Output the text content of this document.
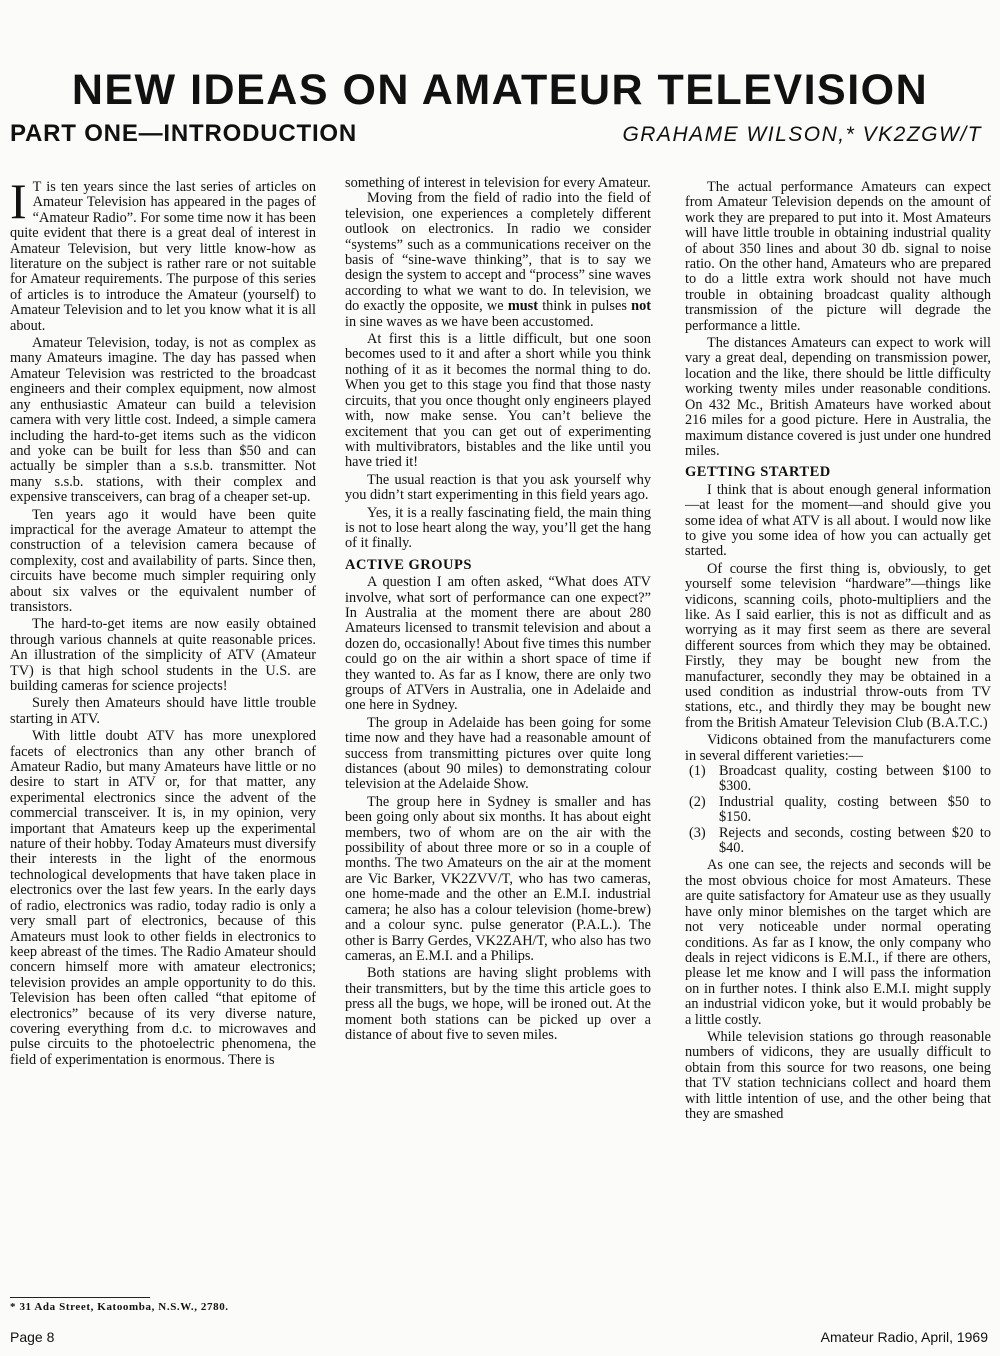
NEW IDEAS ON AMATEUR TELEVISION
PART ONE—INTRODUCTION	GRAHAME WILSON,* VK2ZGW/T

I T is ten years since the last series of articles on Amateur Television has appeared in the pages of “Amateur Radio”. For some time now it has been quite evident that there is a great deal of interest in Amateur Television, but very little know-how as literature on the subject is rather rare or not suitable for Amateur requirements. The purpose of this series of articles is to introduce the Amateur (yourself) to Amateur Television and to let you know what it is all about.

Amateur Television, today, is not as complex as many Amateurs imagine. The day has passed when Amateur Television was restricted to the broadcast engineers and their complex equipment, now almost any enthusiastic Amateur can build a television camera with very little cost. Indeed, a simple camera including the hard-to-get items such as the vidicon and yoke can be built for less than $50 and can actually be simpler than a s.s.b. transmitter. Not many s.s.b. stations, with their complex and expensive transceivers, can brag of a cheaper set-up.

Ten years ago it would have been quite impractical for the average Amateur to attempt the construction of a television camera because of complexity, cost and availability of parts. Since then, circuits have become much simpler requiring only about six valves or the equivalent number of transistors.

The hard-to-get items are now easily obtained through various channels at quite reasonable prices. An illustration of the simplicity of ATV (Amateur TV) is that high school students in the U.S. are building cameras for science projects!

Surely then Amateurs should have little trouble starting in ATV.

With little doubt ATV has more unexplored facets of electronics than any other branch of Amateur Radio, but many Amateurs have little or no desire to start in ATV or, for that matter, any experimental electronics since the advent of the commercial transceiver. It is, in my opinion, very important that Amateurs keep up the experimental nature of their hobby. Today Amateurs must diversify their interests in the light of the enormous technological developments that have taken place in electronics over the last few years. In the early days of radio, electronics was radio, today radio is only a very small part of electronics, because of this Amateurs must look to other fields in electronics to keep abreast of the times. The Radio Amateur should concern himself more with amateur electronics; television provides an ample opportunity to do this. Television has been often called “that epitome of electronics” because of its very diverse nature, covering everything from d.c. to microwaves and pulse circuits to the photoelectric phenomena, the field of experimentation is enormous. There is

something of interest in television for every Amateur.

Moving from the field of radio into the field of television, one experiences a completely different outlook on electronics. In radio we consider “systems” such as a communications receiver on the basis of “sine-wave thinking”, that is to say we design the system to accept and “process” sine waves according to what we want to do. In television, we do exactly the opposite, we must think in pulses not in sine waves as we have been accustomed.

At first this is a little difficult, but one soon becomes used to it and after a short while you think nothing of it as it becomes the normal thing to do. When you get to this stage you find that those nasty circuits, that you once thought only engineers played with, now make sense. You can’t believe the excitement that you can get out of experimenting with multivibrators, bistables and the like until you have tried it!

The usual reaction is that you ask yourself why you didn’t start experimenting in this field years ago.

Yes, it is a really fascinating field, the main thing is not to lose heart along the way, you’ll get the hang of it finally.

ACTIVE GROUPS

A question I am often asked, “What does ATV involve, what sort of performance can one expect?” In Australia at the moment there are about 280 Amateurs licensed to transmit television and about a dozen do, occasionally! About five times this number could go on the air within a short space of time if they wanted to. As far as I know, there are only two groups of ATVers in Australia, one in Adelaide and one here in Sydney.

The group in Adelaide has been going for some time now and they have had a reasonable amount of success from transmitting pictures over quite long distances (about 90 miles) to demonstrating colour television at the Adelaide Show.

The group here in Sydney is smaller and has been going only about six months. It has about eight members, two of whom are on the air with the possibility of about three more or so in a couple of months. The two Amateurs on the air at the moment are Vic Barker, VK2ZVV/T, who has two cameras, one home-made and the other an E.M.I. industrial camera; he also has a colour television (home-brew) and a colour sync. pulse generator (P.A.L.). The other is Barry Gerdes, VK2ZAH/T, who also has two cameras, an E.M.I. and a Philips.

Both stations are having slight problems with their transmitters, but by the time this article goes to press all the bugs, we hope, will be ironed out. At the moment both stations can be picked up over a distance of about five to seven miles.

The actual performance Amateurs can expect from Amateur Television depends on the amount of work they are prepared to put into it. Most Amateurs will have little trouble in obtaining industrial quality of about 350 lines and about 30 db. signal to noise ratio. On the other hand, Amateurs who are prepared to do a little extra work should not have much trouble in obtaining broadcast quality although transmission of the picture will degrade the performance a little.

The distances Amateurs can expect to work will vary a great deal, depending on transmission power, location and the like, there should be little difficulty working twenty miles under reasonable conditions. On 432 Mc., British Amateurs have worked about 216 miles for a good picture. Here in Australia, the maximum distance covered is just under one hundred miles.

GETTING STARTED

I think that is about enough general information—at least for the moment—and should give you some idea of what ATV is all about. I would now like to give you some idea of how you can actually get started.

Of course the first thing is, obviously, to get yourself some television “hardware”—things like vidicons, scanning coils, photo-multipliers and the like. As I said earlier, this is not as difficult and as worrying as it may first seem as there are several different sources from which they may be obtained. Firstly, they may be bought new from the manufacturer, secondly they may be obtained in a used condition as industrial throw-outs from TV stations, etc., and thirdly they may be bought new from the British Amateur Television Club (B.A.T.C.)

Vidicons obtained from the manufacturers come in several different varieties:—

(1) Broadcast quality, costing between $100 to $300.
(2) Industrial quality, costing between $50 to $150.
(3) Rejects and seconds, costing between $20 to $40.

As one can see, the rejects and seconds will be the most obvious choice for most Amateurs. These are quite satisfactory for Amateur use as they usually have only minor blemishes on the target which are not very noticeable under normal operating conditions. As far as I know, the only company who deals in reject vidicons is E.M.I., if there are others, please let me know and I will pass the information on in further notes. I think also E.M.I. might supply an industrial vidicon yoke, but it would probably be a little costly.

While television stations go through reasonable numbers of vidicons, they are usually difficult to obtain from this source for two reasons, one being that TV station technicians collect and hoard them with little intention of use, and the other being that they are smashed

* 31 Ada Street, Katoomba, N.S.W., 2780.
Page 8	Amateur Radio, April, 1969
